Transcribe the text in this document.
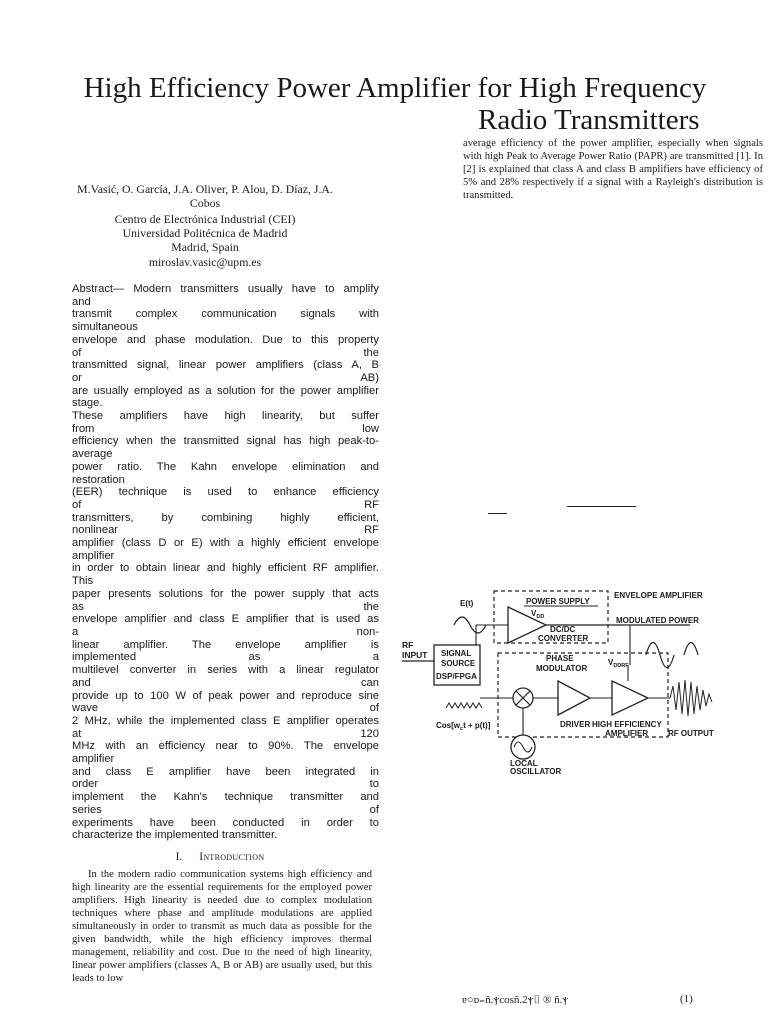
High Efficiency Power Amplifier for High Frequency
Radio Transmitters
average efficiency of the power amplifier, especially when signals with high Peak to Average Power Ratio (PAPR) are transmitted [1]. In [2] is explained that class A and class B amplifiers have efficiency of 5% and 28% respectively if a signal with a Rayleigh's distribution is transmitted.
M.Vasić, O. García, J.A. Oliver, P. Alou, D. Díaz, J.A.
Cobos
Centro de Electrónica Industrial (CEI)
Universidad Politécnica de Madrid
Madrid, Spain
miroslav.vasic@upm.es
Abstract— Modern transmitters usually have to amplify
and
transmit complex communication signals with
simultaneous
envelope and phase modulation. Due to this property
of the
transmitted signal, linear power amplifiers (class A, B
or AB)
are usually employed as a solution for the power amplifier
stage.
These amplifiers have high linearity, but suffer
from low
efficiency when the transmitted signal has high peak-to-
average
power ratio. The Kahn envelope elimination and
restoration
(EER) technique is used to enhance efficiency
of RF
transmitters, by combining highly efficient,
nonlinear RF
amplifier (class D or E) with a highly efficient envelope
amplifier
in order to obtain linear and highly efficient RF amplifier.
This
paper presents solutions for the power supply that acts
as the
envelope amplifier and class E amplifier that is used as
a non-
linear amplifier. The envelope amplifier is
implemented as a
multilevel converter in series with a linear regulator
and can
provide up to 100 W of peak power and reproduce sine
wave of
2 MHz, while the implemented class E amplifier operates
at 120
MHz with an efficiency near to 90%. The envelope
amplifier
and class E amplifier have been integrated in
order to
implement the Kahn's technique transmitter and
series of
experiments have been conducted in order to
characterize the implemented transmitter.
I. Introduction
In the modern radio communication systems high efficiency and high linearity are the essential requirements for the employed power amplifiers. High linearity is needed due to complex modulation techniques where phase and amplitude modulations are applied simultaneously in order to transmit as much data as possible for the given bandwidth, while the high efficiency improves thermal management, reliability and cost. Due to the need of high linearity, linear power amplifiers (classes A, B or AB) are usually used, but this leads to low
ENVELOPE AMPLIFIER
POWER SUPPLY
$V_{DD}$
DC/DC
CONVERTER
MODULATED POWER
E(t)
RF
INPUT SIGNAL
SOURCE
DSP/FPGA
PHASE
MODULATOR
$V_{DDRF}$
DRIVER HIGH EFFICIENCY
AMPLIFIER RF OUTPUT
$Cos[w_ct + p(t)]$
LOCAL
OSCILLATOR
ɐ○ɒ₌ñ.ⲯcosñ.2ⲯ⌷ ® ñ.ⲯ	(1)
